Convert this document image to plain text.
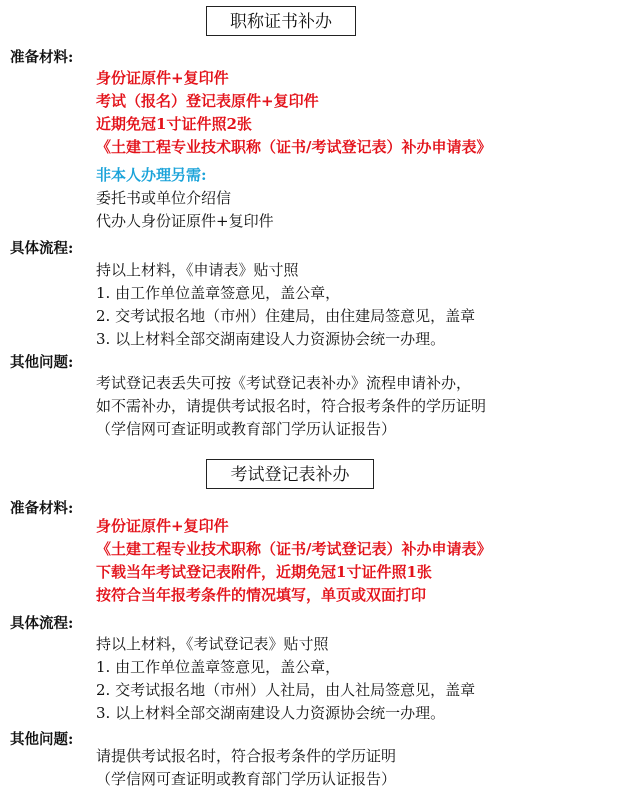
职称证书补办
准备材料:
身份证原件+复印件
考试（报名）登记表原件+复印件
近期免冠1寸证件照2张
《土建工程专业技术职称（证书/考试登记表）补办申请表》
非本人办理另需:
委托书或单位介绍信
代办人身份证原件+复印件
具体流程:
持以上材料，《申请表》贴寸照
1. 由工作单位盖章签意见，盖公章，
2. 交考试报名地（市州）住建局，由住建局签意见，盖章
3. 以上材料全部交湖南建设人力资源协会统一办理。
其他问题:
考试登记表丢失可按《考试登记表补办》流程申请补办，
如不需补办，请提供考试报名时，符合报考条件的学历证明
（学信网可查证明或教育部门学历认证报告）
考试登记表补办
准备材料:
身份证原件+复印件
《土建工程专业技术职称（证书/考试登记表）补办申请表》
下载当年考试登记表附件，近期免冠1寸证件照1张
按符合当年报考条件的情况填写，单页或双面打印
具体流程:
持以上材料，《考试登记表》贴寸照
1. 由工作单位盖章签意见，盖公章，
2. 交考试报名地（市州）人社局，由人社局签意见，盖章
3. 以上材料全部交湖南建设人力资源协会统一办理。
其他问题:
请提供考试报名时，符合报考条件的学历证明
（学信网可查证明或教育部门学历认证报告）
